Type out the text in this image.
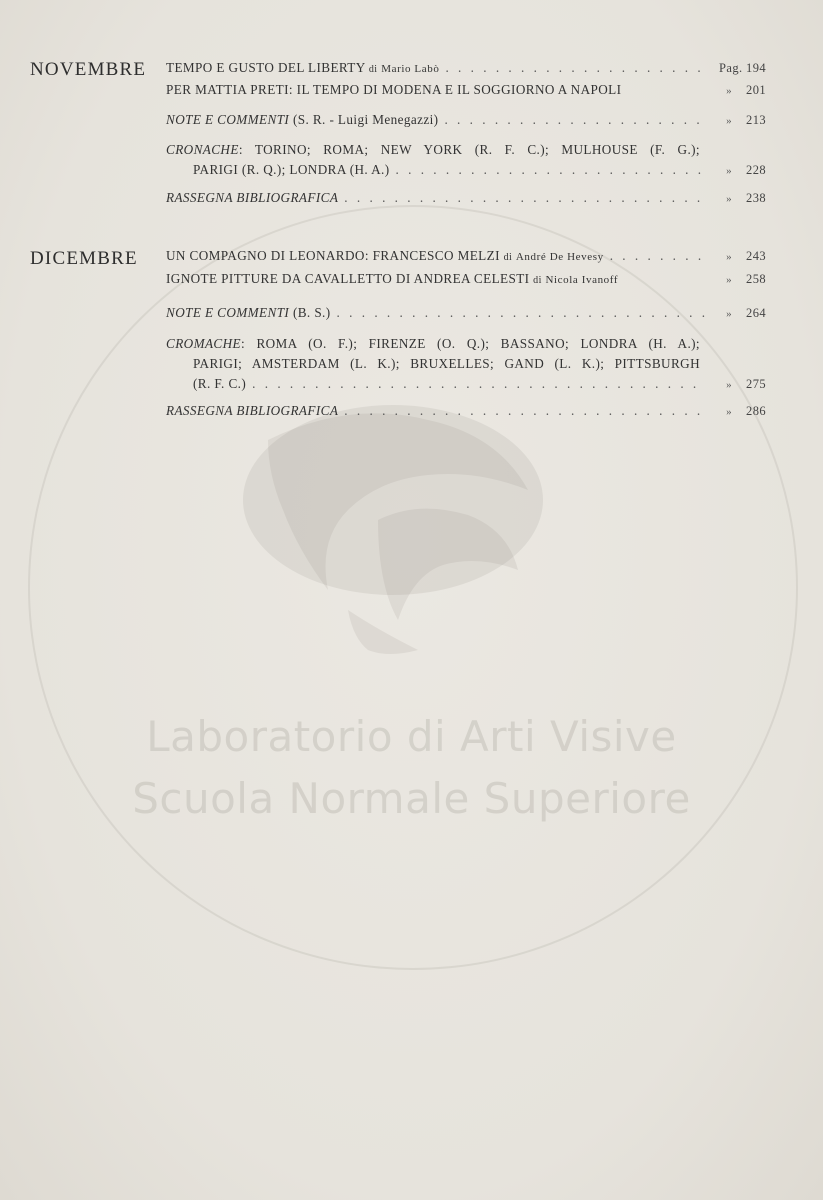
Laboratorio di Arti Visive
Scuola Normale Superiore
NOVEMBRE TEMPO E GUSTO DEL LIBERTY di Mario Labò . . .	Pag. 194
PER MATTIA PRETI: IL TEMPO DI MODENA E IL SOGGIORNO A NAPOLI	» 201
NOTE E COMMENTI (S. R. - Luigi Menegazzi) . . .	» 213
CRONACHE: TORINO; ROMA; NEW YORK (R. F. C.); MULHOUSE (F. G.);
PARIGI (R. Q.); LONDRA (H. A.) . . .	» 228
RASSEGNA BIBLIOGRAFICA . . .	» 238
DICEMBRE UN COMPAGNO DI LEONARDO: FRANCESCO MELZI di André De Hevesy . . .	» 243
IGNOTE PITTURE DA CAVALLETTO DI ANDREA CELESTI di Nicola Ivanoff	» 258
NOTE E COMMENTI (B. S.) . . .	» 264
CROMACHE: ROMA (O. F.); FIRENZE (O. Q.); BASSANO; LONDRA (H. A.);
PARIGI; AMSTERDAM (L. K.); BRUXELLES; GAND (L. K.); PITTSBURGH
(R. F. C.) . . .	» 275
RASSEGNA BIBLIOGRAFICA . . .	» 286
